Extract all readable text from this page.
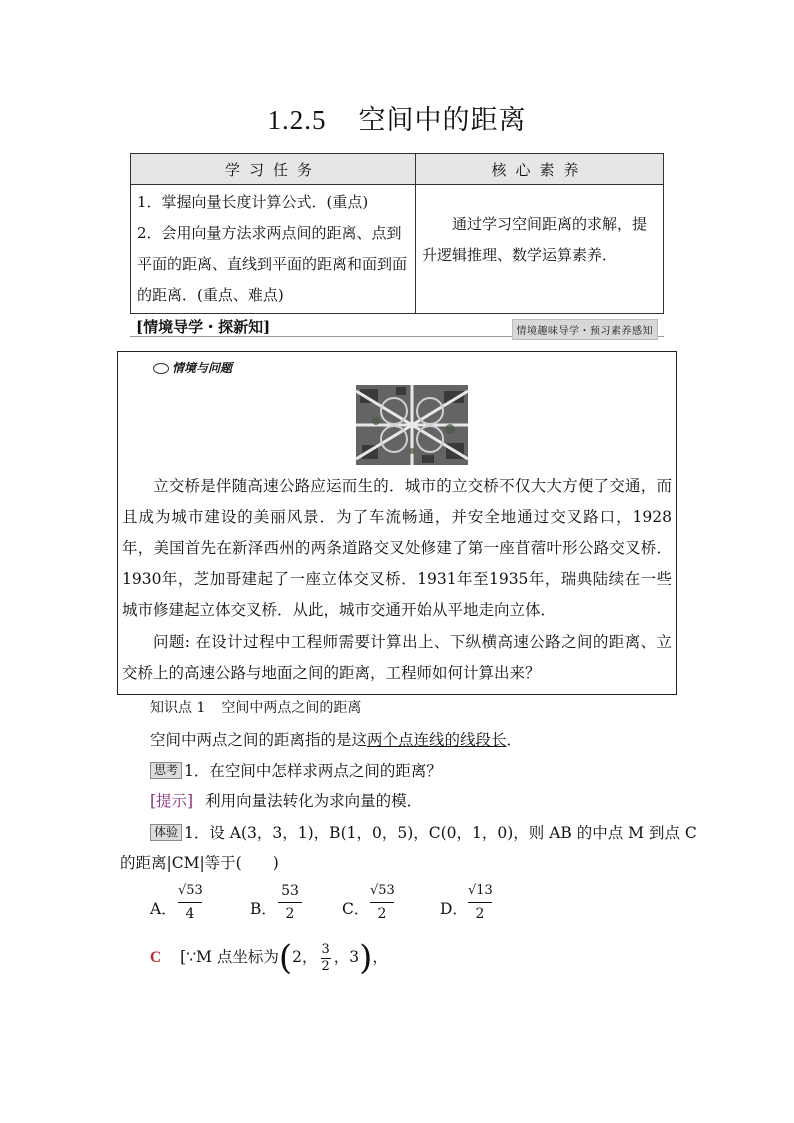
1.2.5 空间中的距离
学习任务	核心素养

1．掌握向量长度计算公式．(重点)
2．会用向量方法求两点间的距离、点到平面的距离、直线到平面的距离和面到面的距离．(重点、难点)	通过学习空间距离的求解，提升逻辑推理、数学运算素养．
[情境导学・探新知]	情境趣味导学・预习素养感知
情境与问题
立交桥是伴随高速公路应运而生的．城市的立交桥不仅大大方便了交通，而且成为城市建设的美丽风景．为了车流畅通，并安全地通过交叉路口，1928年，美国首先在新泽西州的两条道路交叉处修建了第一座苜蓿叶形公路交叉桥．1930年，芝加哥建起了一座立体交叉桥．1931年至1935年，瑞典陆续在一些城市修建起立体交叉桥．从此，城市交通开始从平地走向立体．
问题: 在设计过程中工程师需要计算出上、下纵横高速公路之间的距离、立交桥上的高速公路与地面之间的距离，工程师如何计算出来？
知识点 1 空间中两点之间的距离
空间中两点之间的距离指的是这两个点连线的线段长．
思考 1．在空间中怎样求两点之间的距离？
[提示] 利用向量法转化为求向量的模．
体验 1．设 A(3，3，1)，B(1，0，5)，C(0，1，0)，则 AB 的中点 M 到点 C
的距离|CM|等于(　　)
A． $\frac{√53}{4}$	B． $\frac{53}{2}$	C． $\frac{√53}{2}$	D． $\frac{√13}{2}$
C [∵M 点坐标为(2， $\frac{3}{2}$ ，3)，
